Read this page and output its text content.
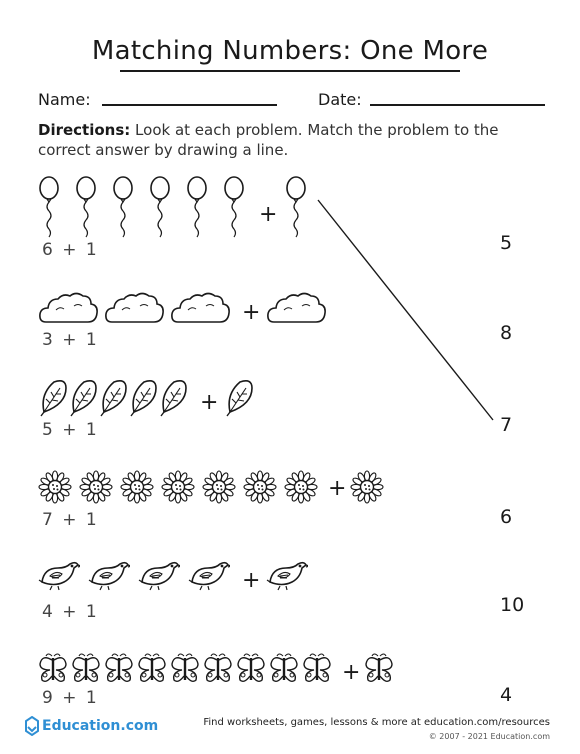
Matching Numbers: One More
Name:	Date:
Directions: Look at each problem. Match the problem to the correct answer by drawing a line.
+
6 + 1
+
3 + 1
+
5 + 1
+
7 + 1
+
4 + 1
+
9 + 1
5
8
7
6
10
4
Education.com	Find worksheets, games, lessons & more at education.com/resources
© 2007 - 2021 Education.com
